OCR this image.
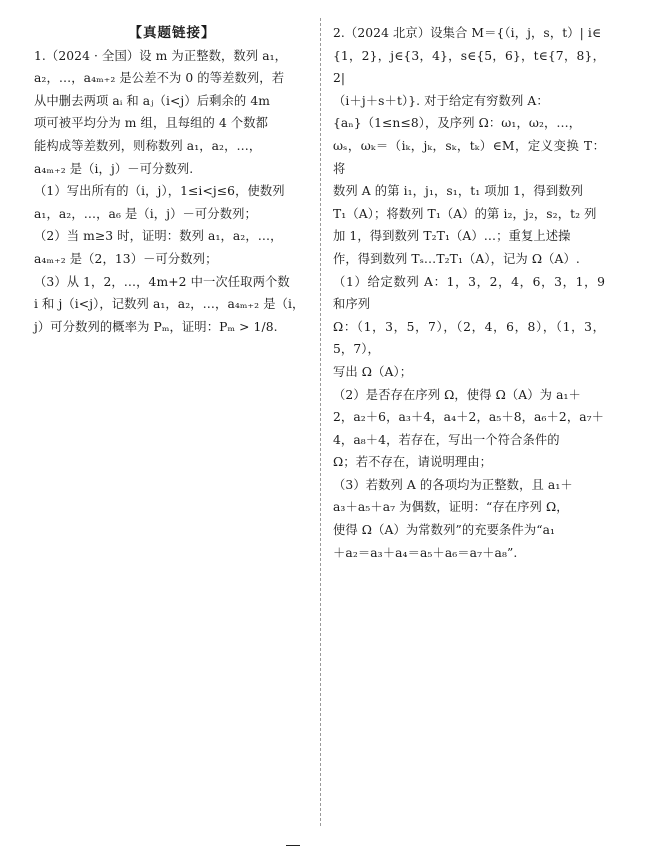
【真题链接】

1.（2024 · 全国）设 m 为正整数，数列 a₁，

a₂，…，a₄ₘ₊₂ 是公差不为 0 的等差数列，若

从中删去两项 aᵢ 和 aⱼ（i<j）后剩余的 4m

项可被平均分为 m 组，且每组的 4 个数都

能构成等差数列，则称数列 a₁，a₂，…，

a₄ₘ₊₂ 是（i，j）－可分数列.

（1）写出所有的（i，j），1≤i<j≤6，使数列

a₁，a₂，…，a₆ 是（i，j）－可分数列；

（2）当 m≥3 时，证明：数列 a₁，a₂，…，

a₄ₘ₊₂ 是（2，13）－可分数列；

（3）从 1，2，…，4m+2 中一次任取两个数

i 和 j（i<j），记数列 a₁，a₂，…，a₄ₘ₊₂ 是（i，

j）可分数列的概率为 Pₘ，证明：Pₘ > 1/8.

2.（2024 北京）设集合 M＝{（i，j，s，t）| i∈

{1，2}，j∈{3，4}，s∈{5，6}，t∈{7，8}，2|

（i＋j＋s＋t）}. 对于给定有穷数列 A：

{aₙ}（1≤n≤8），及序列 Ω：ω₁，ω₂，…，

ωₛ，ωₖ＝（iₖ，jₖ，sₖ，tₖ）∈M，定义变换 T：将

数列 A 的第 i₁，j₁，s₁，t₁ 项加 1，得到数列

T₁（A）；将数列 T₁（A）的第 i₂，j₂，s₂，t₂ 列

加 1，得到数列 T₂T₁（A）…；重复上述操

作，得到数列 Tₛ…T₂T₁（A），记为 Ω（A）.

（1）给定数列 A：1，3，2，4，6，3，1，9 和序列

Ω：（1，3，5，7），（2，4，6，8），（1，3，5，7），

写出 Ω（A）；

（2）是否存在序列 Ω，使得 Ω（A）为 a₁＋

2，a₂＋6，a₃＋4，a₄＋2，a₅＋8，a₆＋2，a₇＋

4，a₈＋4，若存在，写出一个符合条件的

Ω；若不存在，请说明理由；

（3）若数列 A 的各项均为正整数，且 a₁＋

a₃＋a₅＋a₇ 为偶数，证明：“存在序列 Ω，

使得 Ω（A）为常数列”的充要条件为“a₁

＋a₂＝a₃＋a₄＝a₅＋a₆＝a₇＋a₈”.
